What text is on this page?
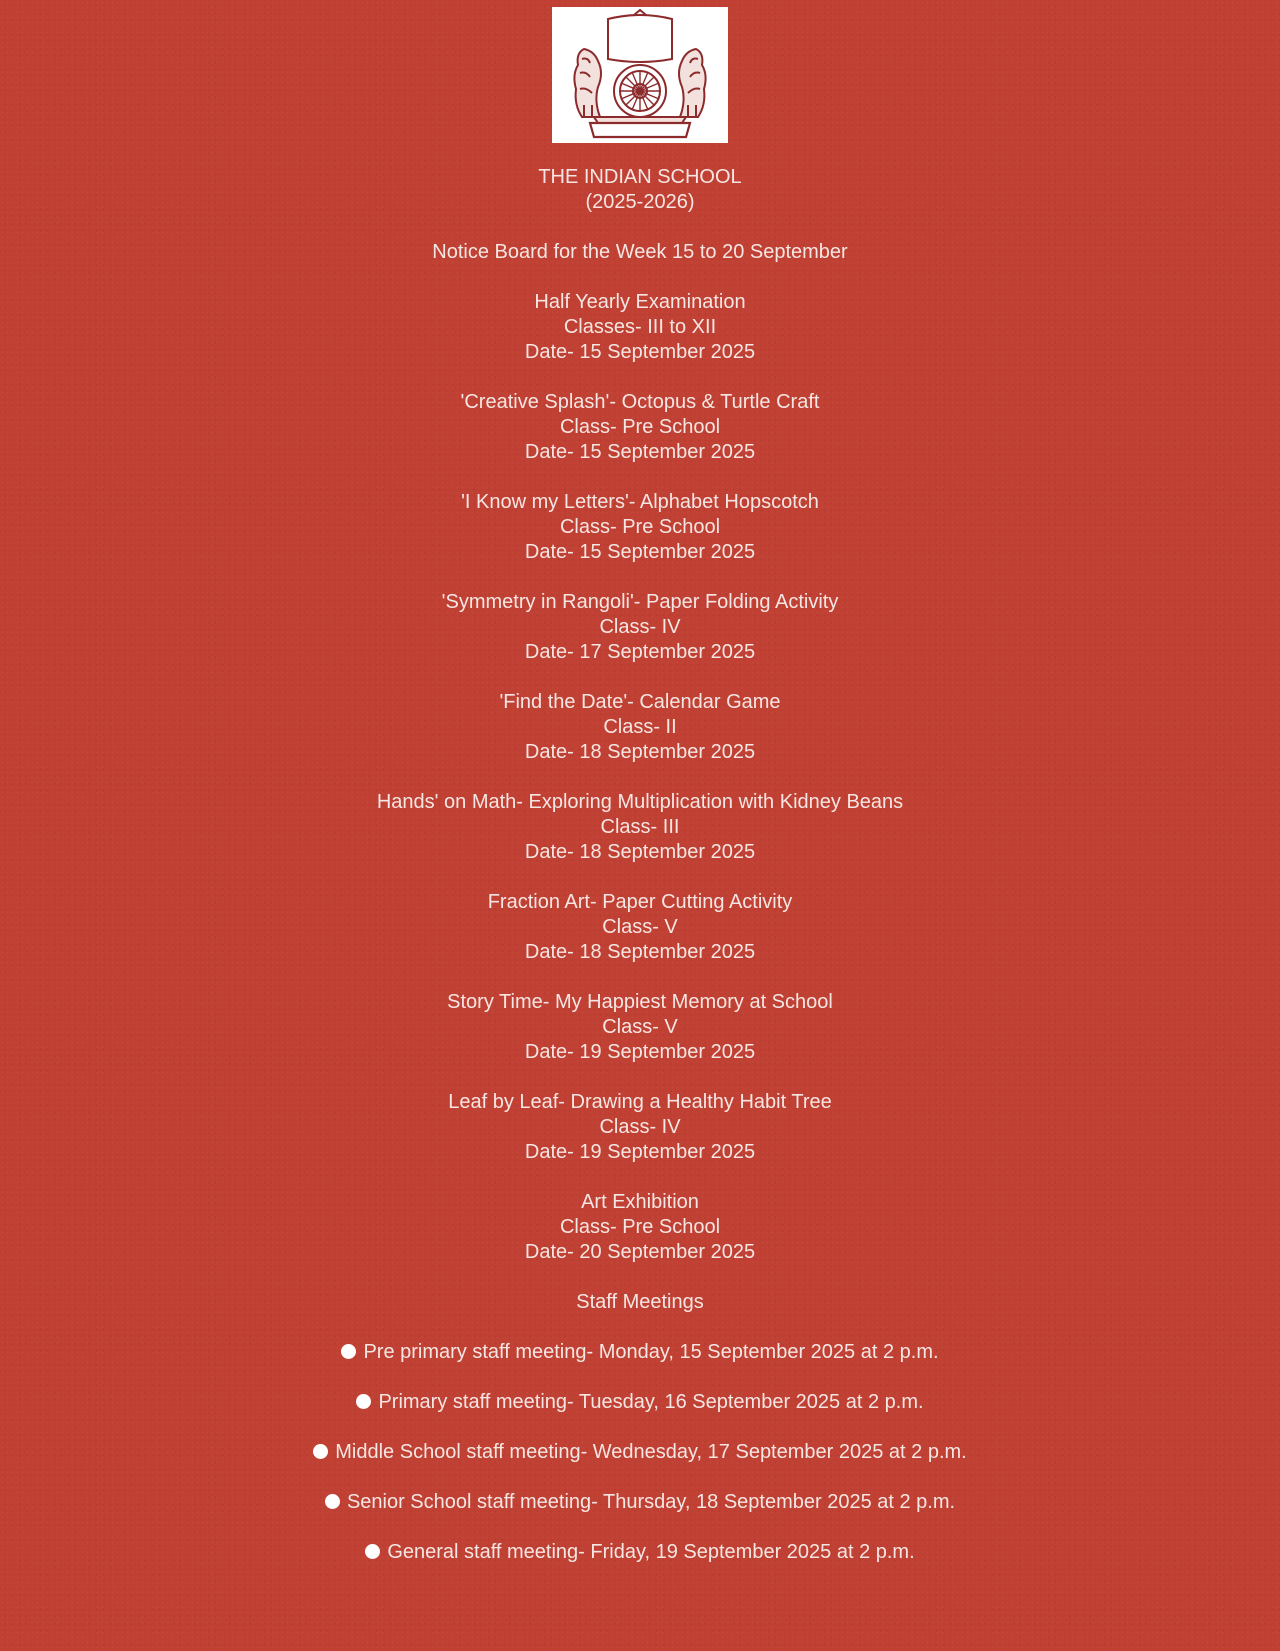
THE INDIAN SCHOOL
(2025-2026)
Notice Board for the Week 15 to 20 September
Half Yearly Examination
Classes- III to XII
Date- 15 September 2025
'Creative Splash'- Octopus & Turtle Craft
Class- Pre School
Date- 15 September 2025
'I Know my Letters'- Alphabet Hopscotch
Class- Pre School
Date- 15 September 2025
'Symmetry in Rangoli'- Paper Folding Activity
Class- IV
Date- 17 September 2025
'Find the Date'- Calendar Game
Class- II
Date- 18 September 2025
Hands' on Math- Exploring Multiplication with Kidney Beans
Class- III
Date- 18 September 2025
Fraction Art- Paper Cutting Activity
Class- V
Date- 18 September 2025
Story Time- My Happiest Memory at School
Class- V
Date- 19 September 2025
Leaf by Leaf- Drawing a Healthy Habit Tree
Class- IV
Date- 19 September 2025
Art Exhibition
Class- Pre School
Date- 20 September 2025
Staff Meetings
Pre primary staff meeting- Monday, 15 September 2025 at 2 p.m.
Primary staff meeting- Tuesday, 16 September 2025 at 2 p.m.
Middle School staff meeting- Wednesday, 17 September 2025 at 2 p.m.
Senior School staff meeting- Thursday, 18 September 2025 at 2 p.m.
General staff meeting- Friday, 19 September 2025 at 2 p.m.
